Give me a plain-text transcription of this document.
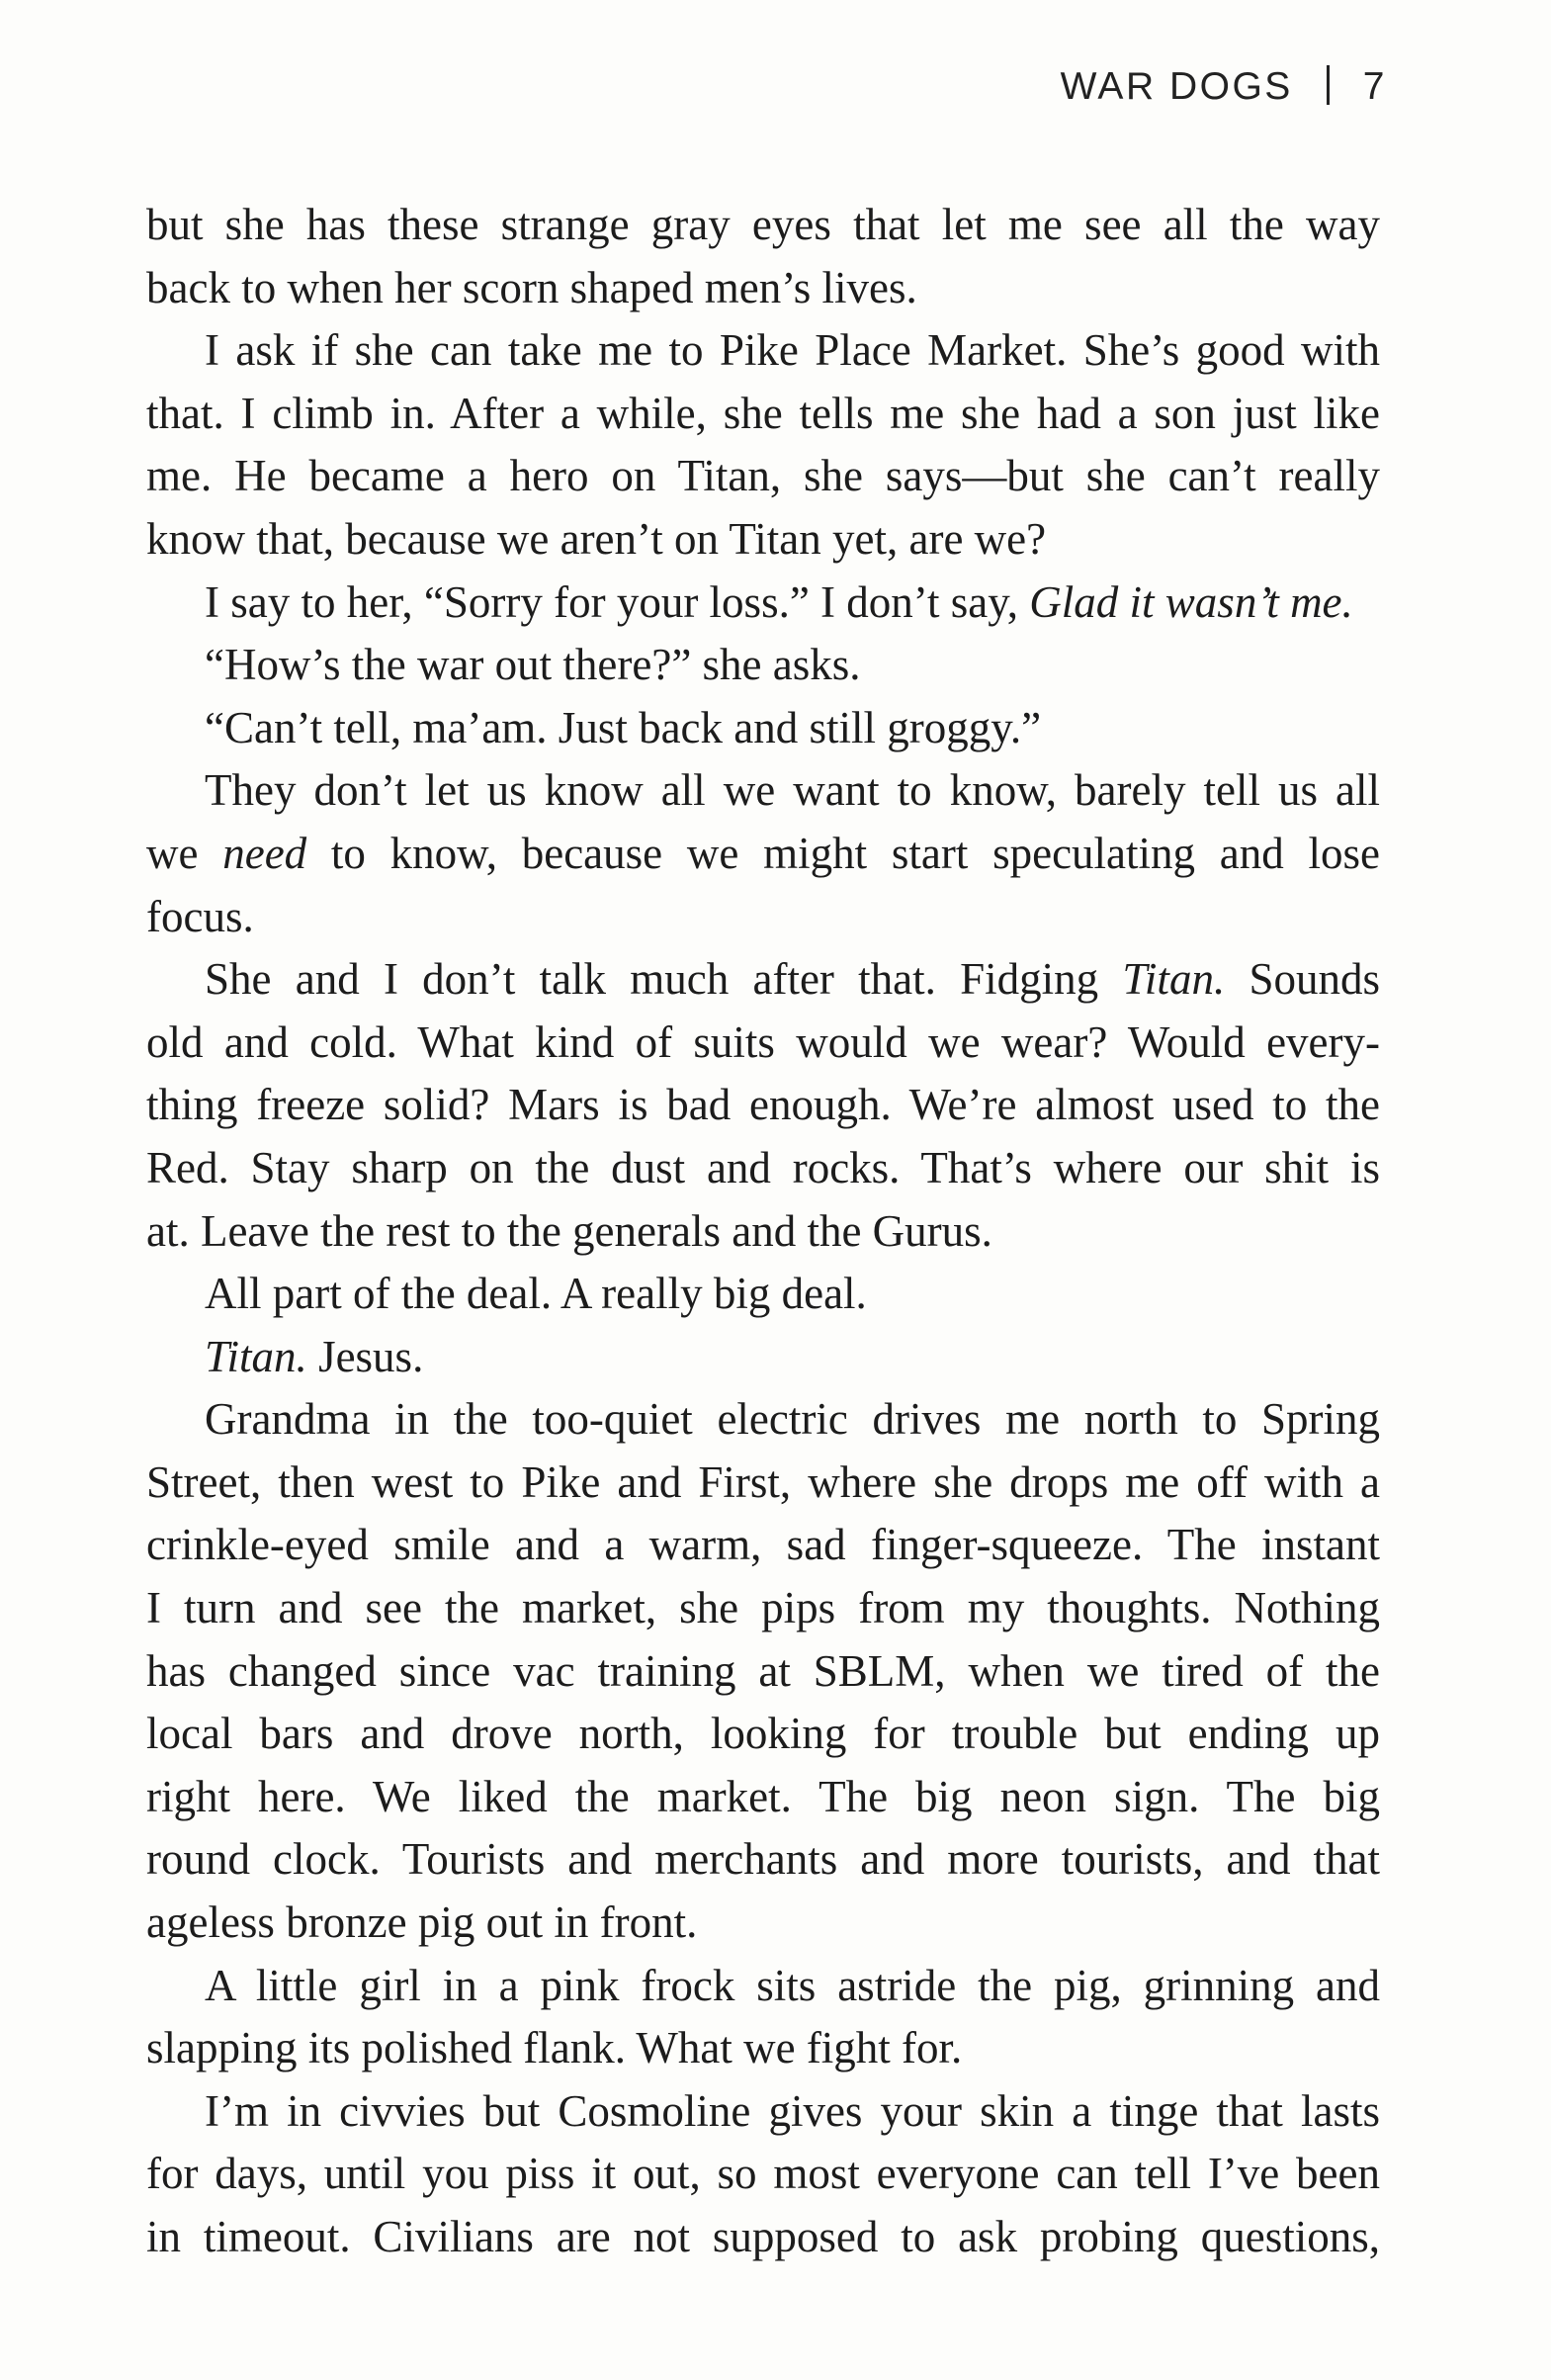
WAR DOGS 7
but she has these strange gray eyes that let me see all the way
back to when her scorn shaped men’s lives.
I ask if she can take me to Pike Place Market. She’s good with
that. I climb in. After a while, she tells me she had a son just like
me. He became a hero on Titan, she says—but she can’t really
know that, because we aren’t on Titan yet, are we?
I say to her, “Sorry for your loss.” I don’t say, Glad it wasn’t me.
“How’s the war out there?” she asks.
“Can’t tell, ma’am. Just back and still groggy.”
They don’t let us know all we want to know, barely tell us all
we need to know, because we might start speculating and lose
focus.
She and I don’t talk much after that. Fidging Titan. Sounds
old and cold. What kind of suits would we wear? Would every-
thing freeze solid? Mars is bad enough. We’re almost used to the
Red. Stay sharp on the dust and rocks. That’s where our shit is
at. Leave the rest to the generals and the Gurus.
All part of the deal. A really big deal.
Titan. Jesus.
Grandma in the too-quiet electric drives me north to Spring
Street, then west to Pike and First, where she drops me off with a
crinkle-eyed smile and a warm, sad finger-squeeze. The instant
I turn and see the market, she pips from my thoughts. Nothing
has changed since vac training at SBLM, when we tired of the
local bars and drove north, looking for trouble but ending up
right here. We liked the market. The big neon sign. The big
round clock. Tourists and merchants and more tourists, and that
ageless bronze pig out in front.
A little girl in a pink frock sits astride the pig, grinning and
slapping its polished flank. What we fight for.
I’m in civvies but Cosmoline gives your skin a tinge that lasts
for days, until you piss it out, so most everyone can tell I’ve been
in timeout. Civilians are not supposed to ask probing questions,
